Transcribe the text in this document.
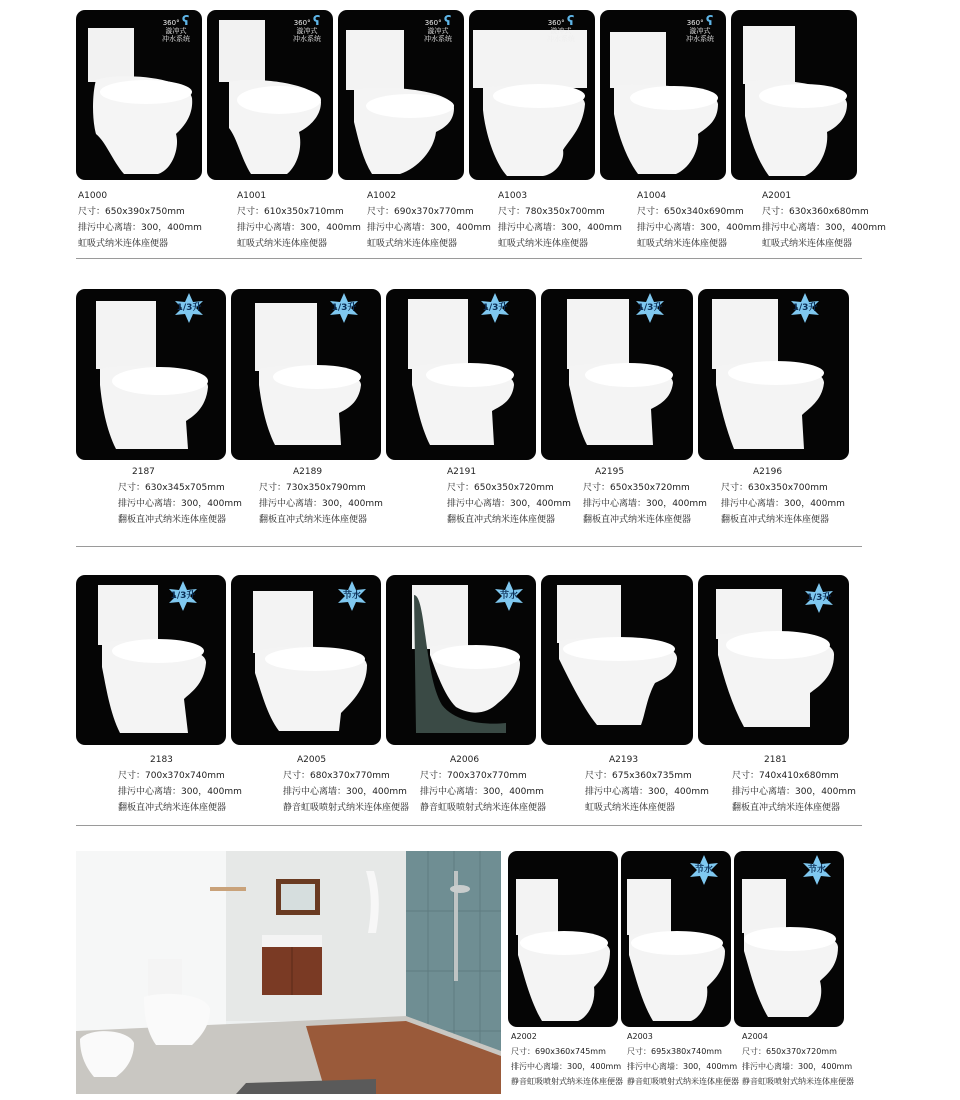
360° ʕ
漩冲式
冲水系统
360° ʕ
漩冲式
冲水系统
360° ʕ
漩冲式
冲水系统
360° ʕ
漩冲式
冲水系统
360° ʕ
漩冲式
冲水系统
A1000
尺寸：650x390x750mm
排污中心离墙：300，400mm
虹吸式纳米连体座便器
A1001
尺寸：610x350x710mm
排污中心离墙：300，400mm
虹吸式纳米连体座便器
A1002
尺寸：690x370x770mm
排污中心离墙：300，400mm
虹吸式纳米连体座便器
A1003
尺寸：780x350x700mm
排污中心离墙：300，400mm
虹吸式纳米连体座便器
A1004
尺寸：650x340x690mm
排污中心离墙：300，400mm
虹吸式纳米连体座便器
A2001
尺寸：630x360x680mm
排污中心离墙：300，400mm
虹吸式纳米连体座便器
1/3升	1/3升	1/3升	1/3升	1/3升
2187
尺寸：630x345x705mm
排污中心离墙：300，400mm
翻板直冲式纳米连体座便器
A2189
尺寸：730x350x790mm
排污中心离墙：300，400mm
翻板直冲式纳米连体座便器
A2191
尺寸：650x350x720mm
排污中心离墙：300，400mm
翻板直冲式纳米连体座便器
A2195
尺寸：650x350x720mm
排污中心离墙：300，400mm
翻板直冲式纳米连体座便器
A2196
尺寸：630x350x700mm
排污中心离墙：300，400mm
翻板直冲式纳米连体座便器
1/3升	节水	节水	1/3升
2183
尺寸：700x370x740mm
排污中心离墙：300，400mm
翻板直冲式纳米连体座便器
A2005
尺寸：680x370x770mm
排污中心离墙：300，400mm
静音虹吸喷射式纳米连体座便器
A2006
尺寸：700x370x770mm
排污中心离墙：300，400mm
静音虹吸喷射式纳米连体座便器
A2193
尺寸：675x360x735mm
排污中心离墙：300，400mm
虹吸式纳米连体座便器
2181
尺寸：740x410x680mm
排污中心离墙：300，400mm
翻板直冲式纳米连体座便器
节水	节水
A2002
尺寸：690x360x745mm
排污中心离墙：300，400mm
静音虹吸喷射式纳米连体座便器
A2003
尺寸：695x380x740mm
排污中心离墙：300，400mm
静音虹吸喷射式纳米连体座便器
A2004
尺寸：650x370x720mm
排污中心离墙：300，400mm
静音虹吸喷射式纳米连体座便器
